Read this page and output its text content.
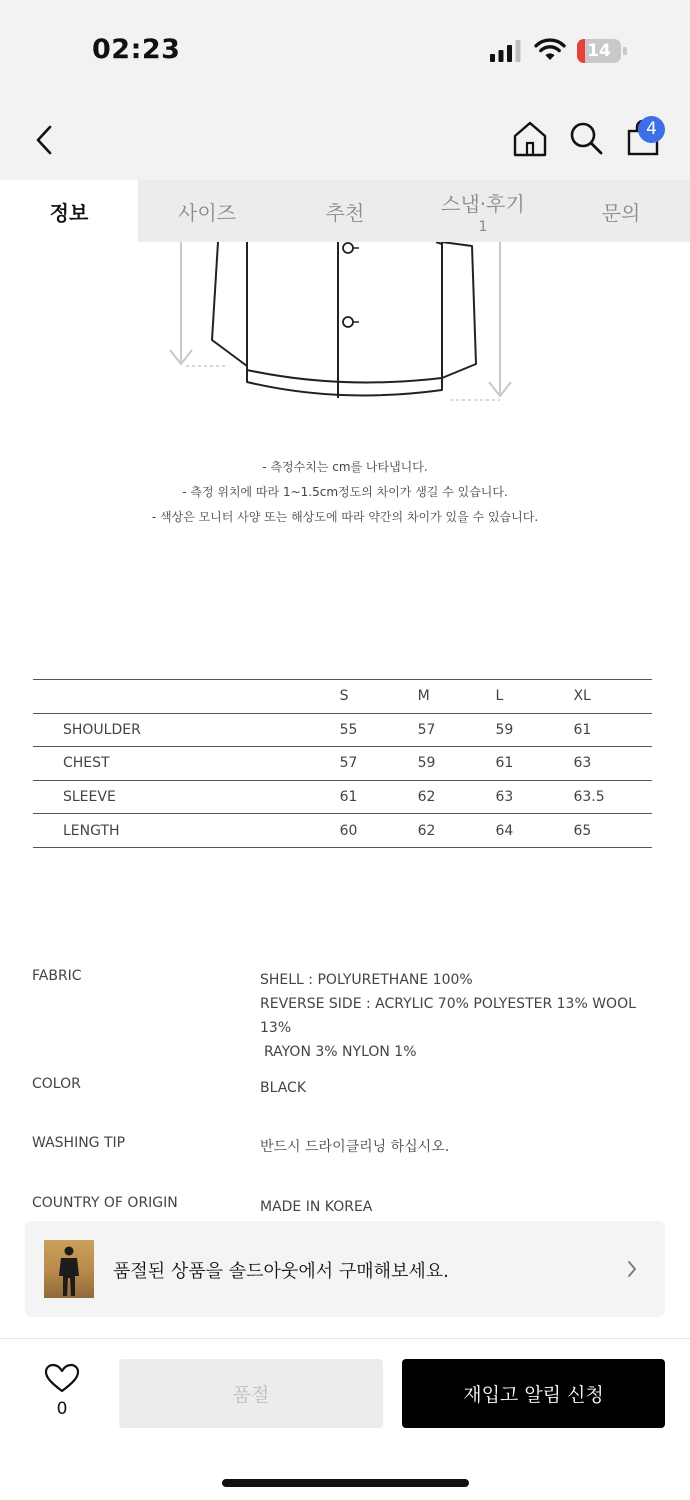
02:23	14
4
정보	사이즈	추천	스냅·후기
1
문의
- 측정수치는 cm를 나타냅니다.
- 측정 위치에 따라 1~1.5cm정도의 차이가 생길 수 있습니다.
- 색상은 모니터 사양 또는 해상도에 따라 약간의 차이가 있을 수 있습니다.
	S	M	L	XL
SHOULDER	55	57	59	61
CHEST	57	59	61	63
SLEEVE	61	62	63	63.5
LENGTH	60	62	64	65
FABRIC	SHELL : POLYURETHANE 100%
REVERSE SIDE : ACRYLIC 70% POLYESTER 13% WOOL 13%
RAYON 3% NYLON 1%
COLOR	BLACK
WASHING TIP	반드시 드라이클리닝 하십시오.
COUNTRY OF ORIGIN	MADE IN KOREA
품절된 상품을 솔드아웃에서 구매해보세요.
0
품절	재입고 알림 신청
